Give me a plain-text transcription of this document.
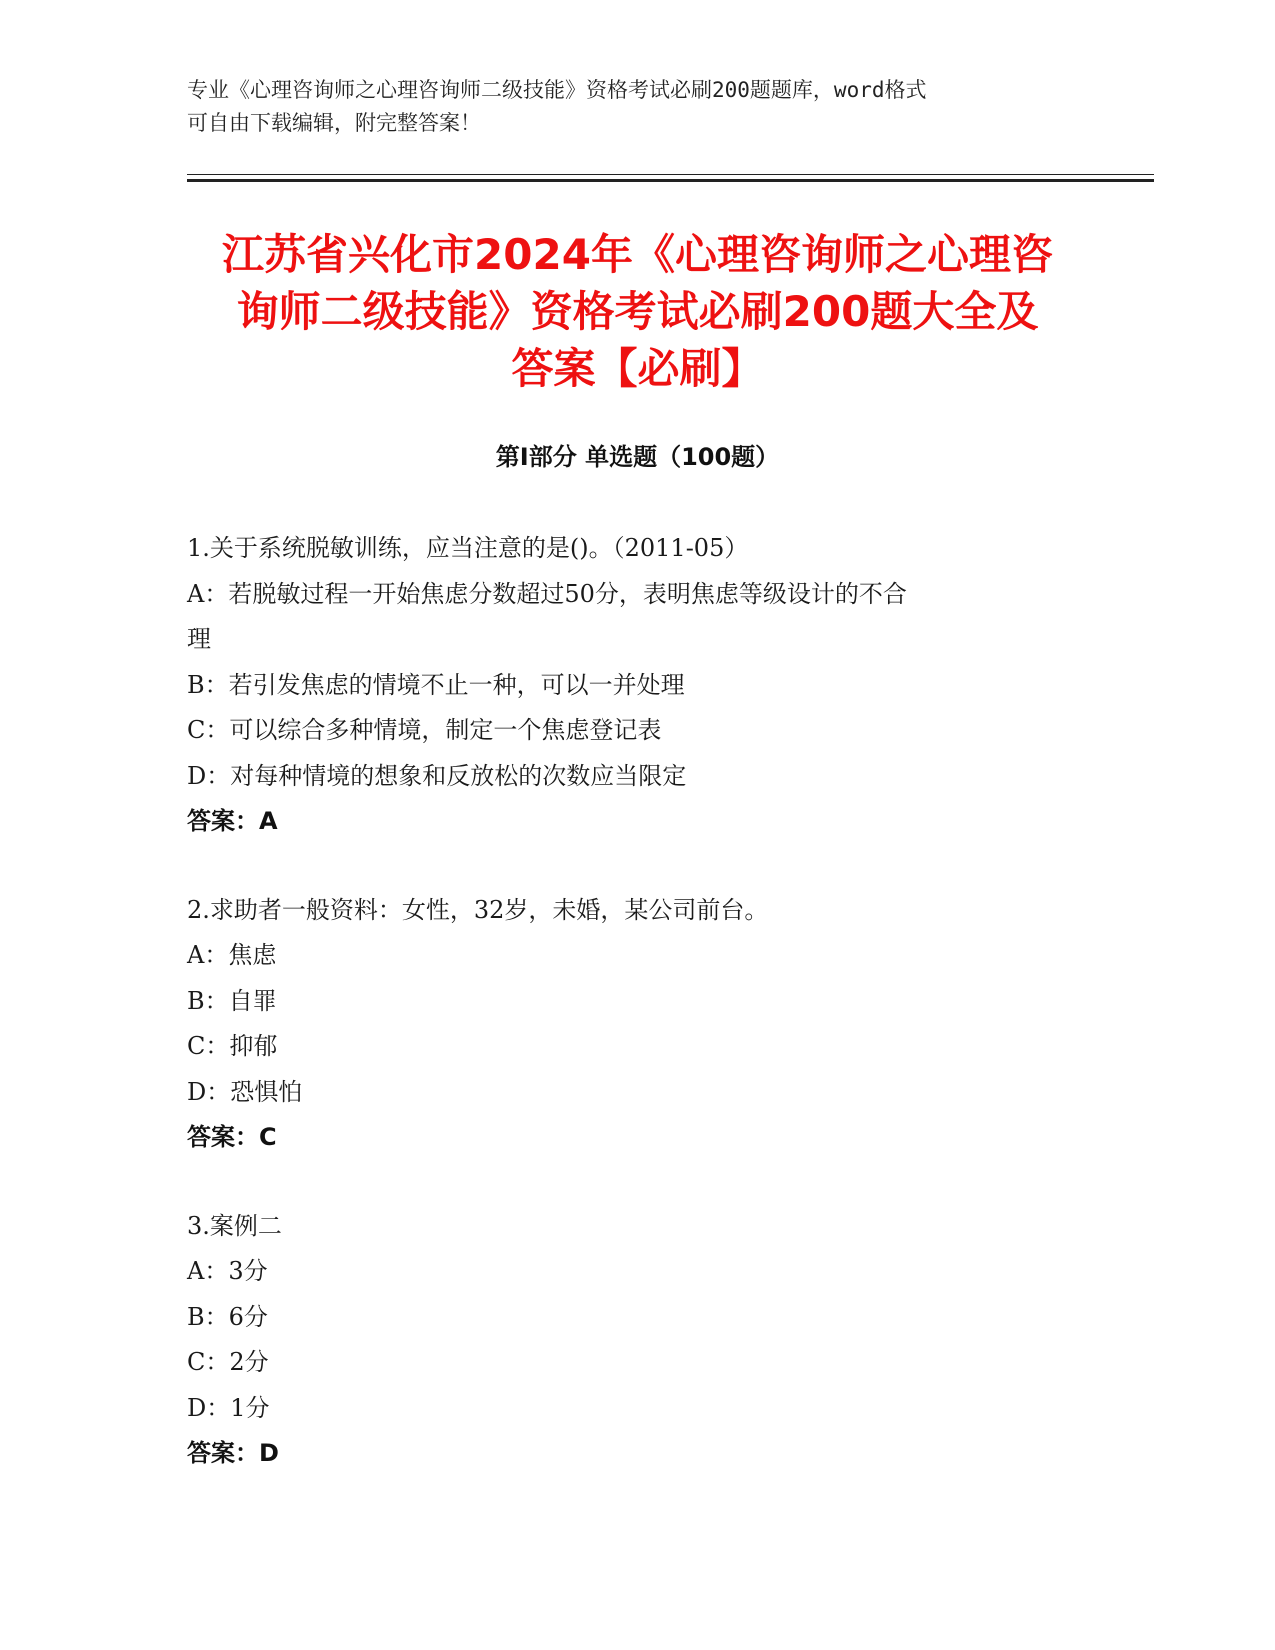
专业《心理咨询师之心理咨询师二级技能》资格考试必刷200题题库，word格式
可自由下载编辑，附完整答案！
江苏省兴化市2024年《心理咨询师之心理咨
询师二级技能》资格考试必刷200题大全及
答案【必刷】
第Ⅰ部分 单选题（100题）
1.关于系统脱敏训练，应当注意的是()。（2011-05）
A：若脱敏过程一开始焦虑分数超过50分，表明焦虑等级设计的不合
理
B：若引发焦虑的情境不止一种，可以一并处理
C：可以综合多种情境，制定一个焦虑登记表
D：对每种情境的想象和反放松的次数应当限定
答案：A
2.求助者一般资料：女性，32岁，未婚，某公司前台。
A：焦虑
B：自罪
C：抑郁
D：恐惧怕
答案：C
3.案例二
A：3分
B：6分
C：2分
D：1分
答案：D
